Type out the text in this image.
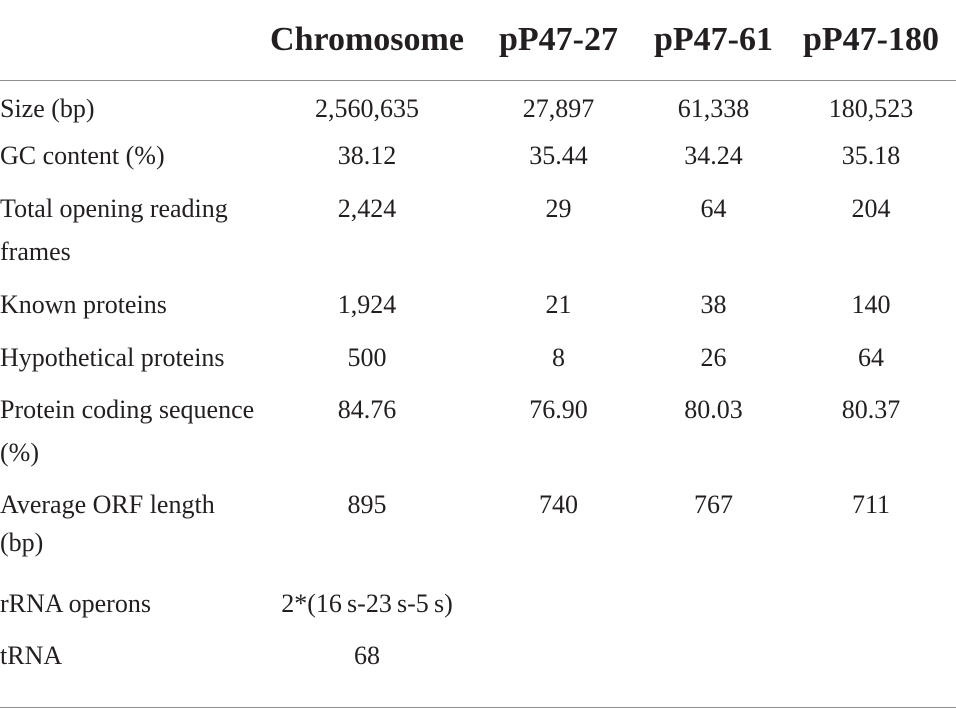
	Chromosome	pP47-27	pP47-61	pP47-180
Size (bp)	2,560,635	27,897	61,338	180,523
GC content (%)	38.12	35.44	34.24	35.18
Total opening reading frames	2,424	29	64	204
Known proteins	1,924	21	38	140
Hypothetical proteins	500	8	26	64
Protein coding sequence (%)	84.76	76.90	80.03	80.37
Average ORF length (bp)	895	740	767	711
rRNA operons	2*(16 s-23 s-5 s)			
tRNA	68			
